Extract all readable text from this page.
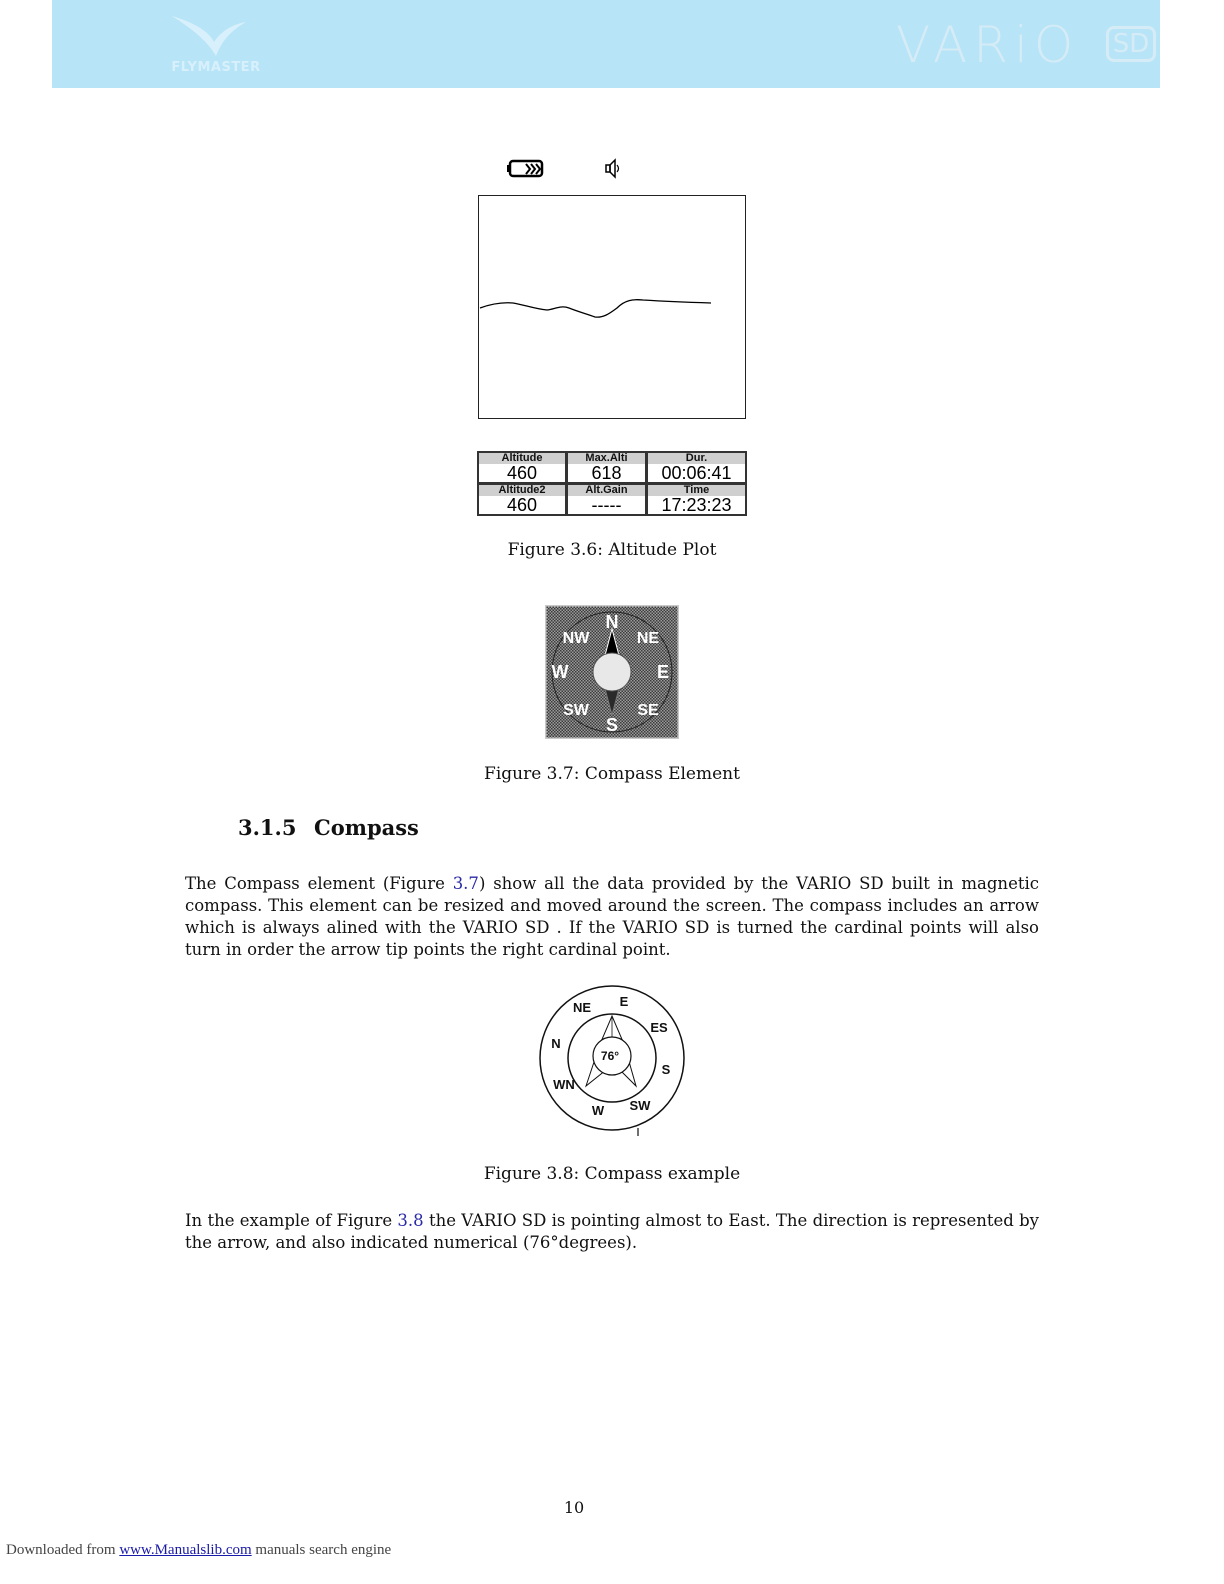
FLYMASTER	VARiO SD
Altitude
460
Max.Alti
618
Dur.
00:06:41
Altitude2
460
Alt.Gain
-----
Time
17:23:23
Figure 3.6: Altitude Plot
N
NE
E
SE
S
SW
W
NW
Figure 3.7: Compass Element
3.1.5 Compass
The Compass element (Figure 3.7) show all the data provided by the VARIO SD built in magnetic compass. This element can be resized and moved around the screen. The compass includes an arrow which is always alined with the VARIO SD . If the VARIO SD is turned the cardinal points will also turn in order the arrow tip points the right cardinal point.
76°
E
ES
S
SW
W
WN
N
NE
Figure 3.8: Compass example
In the example of Figure 3.8 the VARIO SD is pointing almost to East. The direction is represented by the arrow, and also indicated numerical (76°degrees).
10
Downloaded from www.Manualslib.com manuals search engine
